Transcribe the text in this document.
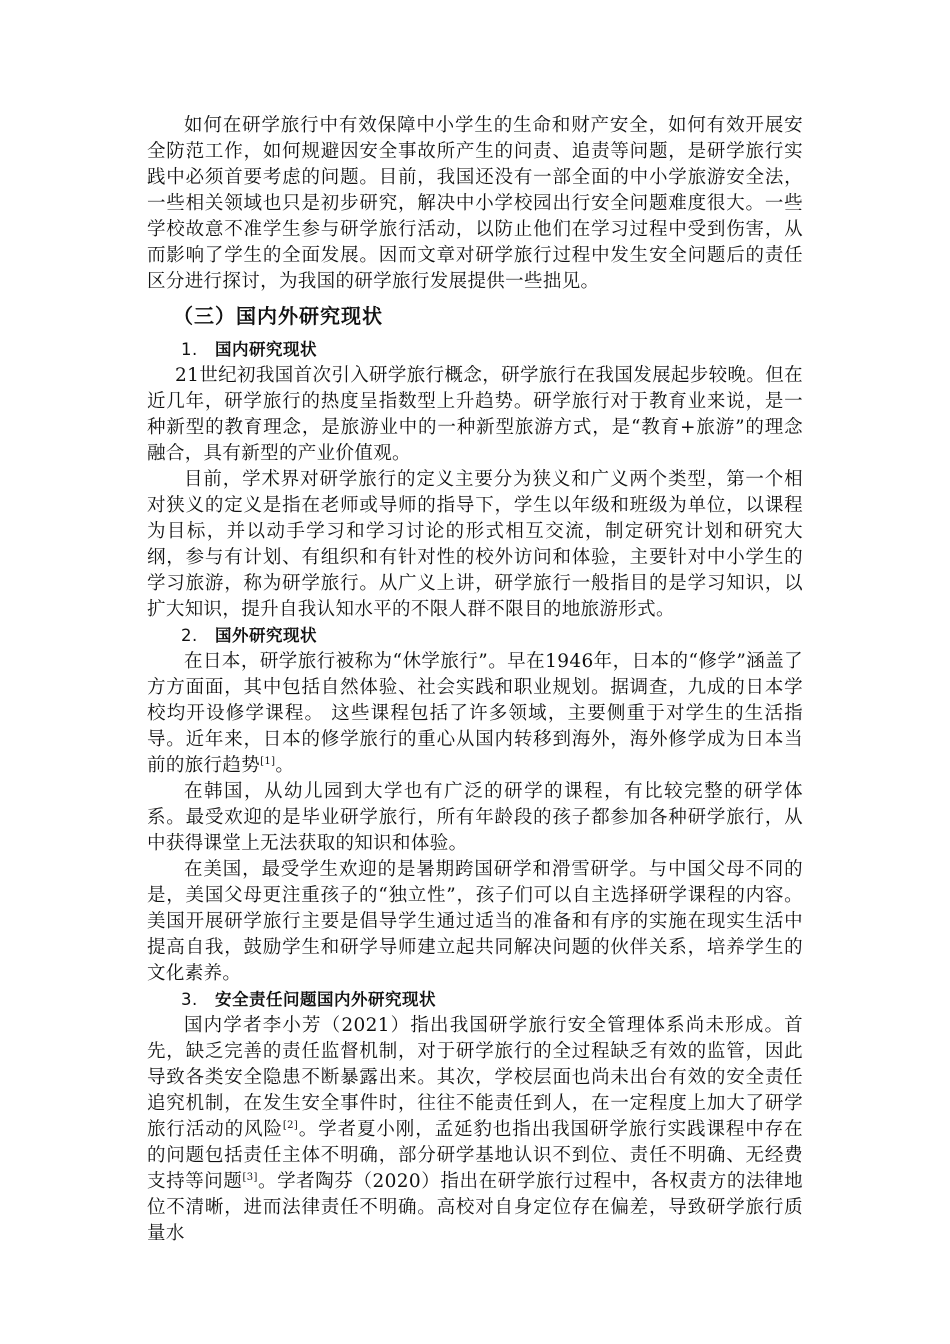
如何在研学旅行中有效保障中小学生的生命和财产安全，如何有效开展安全防范工作，如何规避因安全事故所产生的问责、追责等问题，是研学旅行实践中必须首要考虑的问题。目前，我国还没有一部全面的中小学旅游安全法，一些相关领域也只是初步研究，解决中小学校园出行安全问题难度很大。一些学校故意不准学生参与研学旅行活动，以防止他们在学习过程中受到伤害，从而影响了学生的全面发展。因而文章对研学旅行过程中发生安全问题后的责任区分进行探讨，为我国的研学旅行发展提供一些拙见。

（三）国内外研究现状
1. 国内研究现状

21世纪初我国首次引入研学旅行概念，研学旅行在我国发展起步较晚。但在近几年，研学旅行的热度呈指数型上升趋势。研学旅行对于教育业来说，是一种新型的教育理念，是旅游业中的一种新型旅游方式，是“教育+旅游”的理念融合，具有新型的产业价值观。

目前，学术界对研学旅行的定义主要分为狭义和广义两个类型，第一个相对狭义的定义是指在老师或导师的指导下，学生以年级和班级为单位，以课程为目标，并以动手学习和学习讨论的形式相互交流，制定研究计划和研究大纲，参与有计划、有组织和有针对性的校外访问和体验，主要针对中小学生的学习旅游，称为研学旅行。从广义上讲，研学旅行一般指目的是学习知识，以扩大知识，提升自我认知水平的不限人群不限目的地旅游形式。

2. 国外研究现状

在日本，研学旅行被称为“休学旅行”。早在1946年，日本的“修学”涵盖了方方面面，其中包括自然体验、社会实践和职业规划。据调查，九成的日本学校均开设修学课程。 这些课程包括了许多领域，主要侧重于对学生的生活指导。近年来，日本的修学旅行的重心从国内转移到海外，海外修学成为日本当前的旅行趋势[1]。

在韩国，从幼儿园到大学也有广泛的研学的课程，有比较完整的研学体系。最受欢迎的是毕业研学旅行，所有年龄段的孩子都参加各种研学旅行，从中获得课堂上无法获取的知识和体验。

在美国，最受学生欢迎的是暑期跨国研学和滑雪研学。与中国父母不同的是，美国父母更注重孩子的“独立性”，孩子们可以自主选择研学课程的内容。美国开展研学旅行主要是倡导学生通过适当的准备和有序的实施在现实生活中提高自我，鼓励学生和研学导师建立起共同解决问题的伙伴关系，培养学生的文化素养。

3. 安全责任问题国内外研究现状

国内学者李小芳（2021）指出我国研学旅行安全管理体系尚未形成。首先，缺乏完善的责任监督机制，对于研学旅行的全过程缺乏有效的监管，因此导致各类安全隐患不断暴露出来。其次，学校层面也尚未出台有效的安全责任追究机制，在发生安全事件时，往往不能责任到人，在一定程度上加大了研学旅行活动的风险[2]。学者夏小刚，孟延豹也指出我国研学旅行实践课程中存在的问题包括责任主体不明确，部分研学基地认识不到位、责任不明确、无经费支持等问题[3]。学者陶芬（2020）指出在研学旅行过程中，各权责方的法律地位不清晰，进而法律责任不明确。高校对自身定位存在偏差，导致研学旅行质量水
